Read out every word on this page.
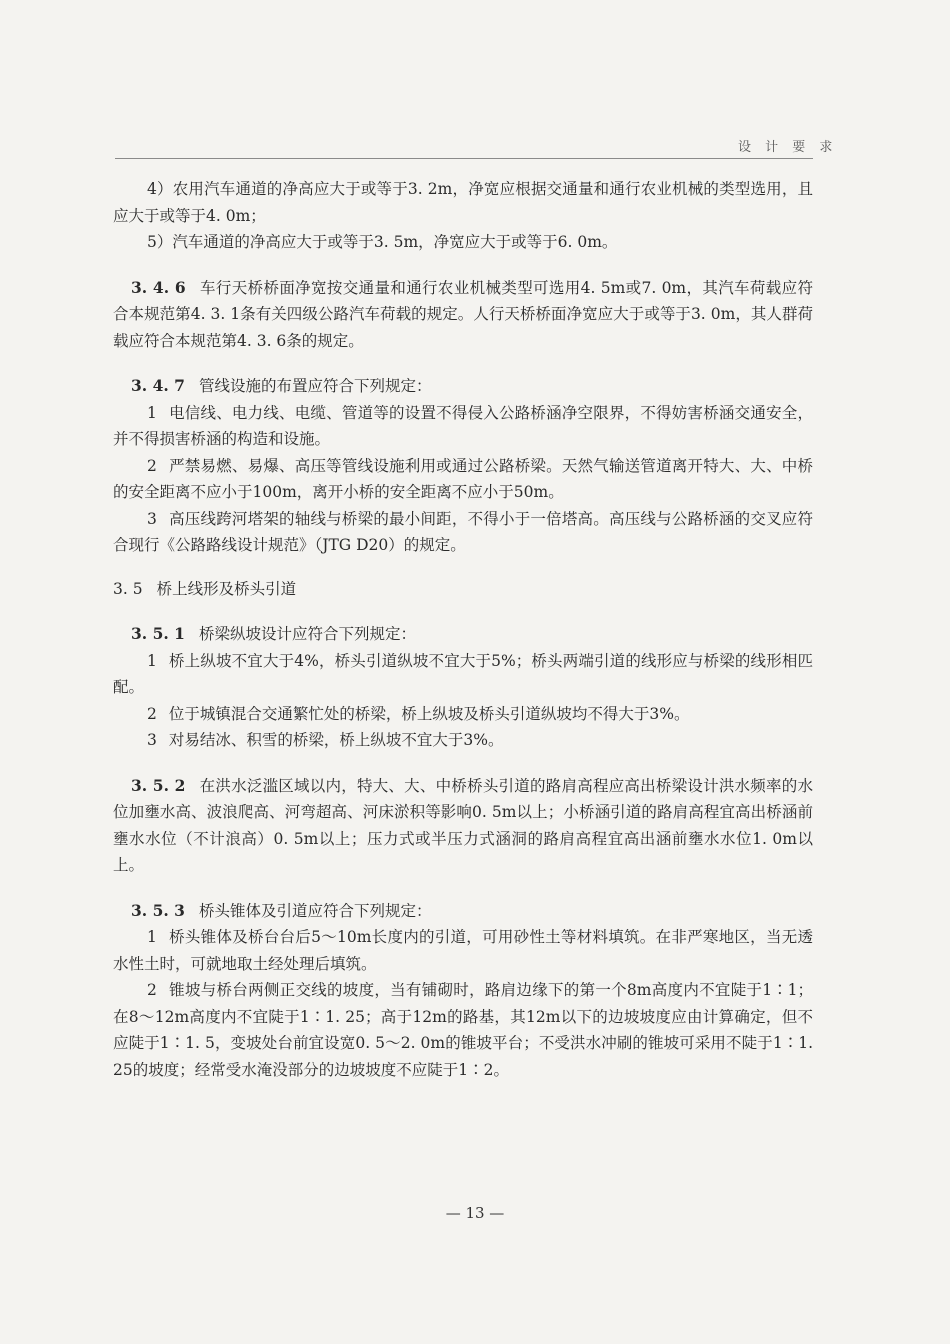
设 计 要 求

4）农用汽车通道的净高应大于或等于3. 2m，净宽应根据交通量和通行农业机械的类型选用，且应大于或等于4. 0m；

5）汽车通道的净高应大于或等于3. 5m，净宽应大于或等于6. 0m。

3. 4. 6 车行天桥桥面净宽按交通量和通行农业机械类型可选用4. 5m或7. 0m，其汽车荷载应符合本规范第4. 3. 1条有关四级公路汽车荷载的规定。人行天桥桥面净宽应大于或等于3. 0m，其人群荷载应符合本规范第4. 3. 6条的规定。

3. 4. 7 管线设施的布置应符合下列规定：

1 电信线、电力线、电缆、管道等的设置不得侵入公路桥涵净空限界，不得妨害桥涵交通安全，并不得损害桥涵的构造和设施。

2 严禁易燃、易爆、高压等管线设施利用或通过公路桥梁。天然气输送管道离开特大、大、中桥的安全距离不应小于100m，离开小桥的安全距离不应小于50m。

3 高压线跨河塔架的轴线与桥梁的最小间距，不得小于一倍塔高。高压线与公路桥涵的交叉应符合现行《公路路线设计规范》（JTG D20）的规定。

3. 5 桥上线形及桥头引道

3. 5. 1 桥梁纵坡设计应符合下列规定：

1 桥上纵坡不宜大于4%，桥头引道纵坡不宜大于5%；桥头两端引道的线形应与桥梁的线形相匹配。

2 位于城镇混合交通繁忙处的桥梁，桥上纵坡及桥头引道纵坡均不得大于3%。

3 对易结冰、积雪的桥梁，桥上纵坡不宜大于3%。

3. 5. 2 在洪水泛滥区域以内，特大、大、中桥桥头引道的路肩高程应高出桥梁设计洪水频率的水位加壅水高、波浪爬高、河弯超高、河床淤积等影响0. 5m以上；小桥涵引道的路肩高程宜高出桥涵前壅水水位（不计浪高）0. 5m以上；压力式或半压力式涵洞的路肩高程宜高出涵前壅水水位1. 0m以上。

3. 5. 3 桥头锥体及引道应符合下列规定：

1 桥头锥体及桥台台后5～10m长度内的引道，可用砂性土等材料填筑。在非严寒地区，当无透水性土时，可就地取土经处理后填筑。

2 锥坡与桥台两侧正交线的坡度，当有铺砌时，路肩边缘下的第一个8m高度内不宜陡于1∶1；在8～12m高度内不宜陡于1∶1. 25；高于12m的路基，其12m以下的边坡坡度应由计算确定，但不应陡于1∶1. 5，变坡处台前宜设宽0. 5～2. 0m的锥坡平台；不受洪水冲刷的锥坡可采用不陡于1∶1. 25的坡度；经常受水淹没部分的边坡坡度不应陡于1∶2。

— 13 —
